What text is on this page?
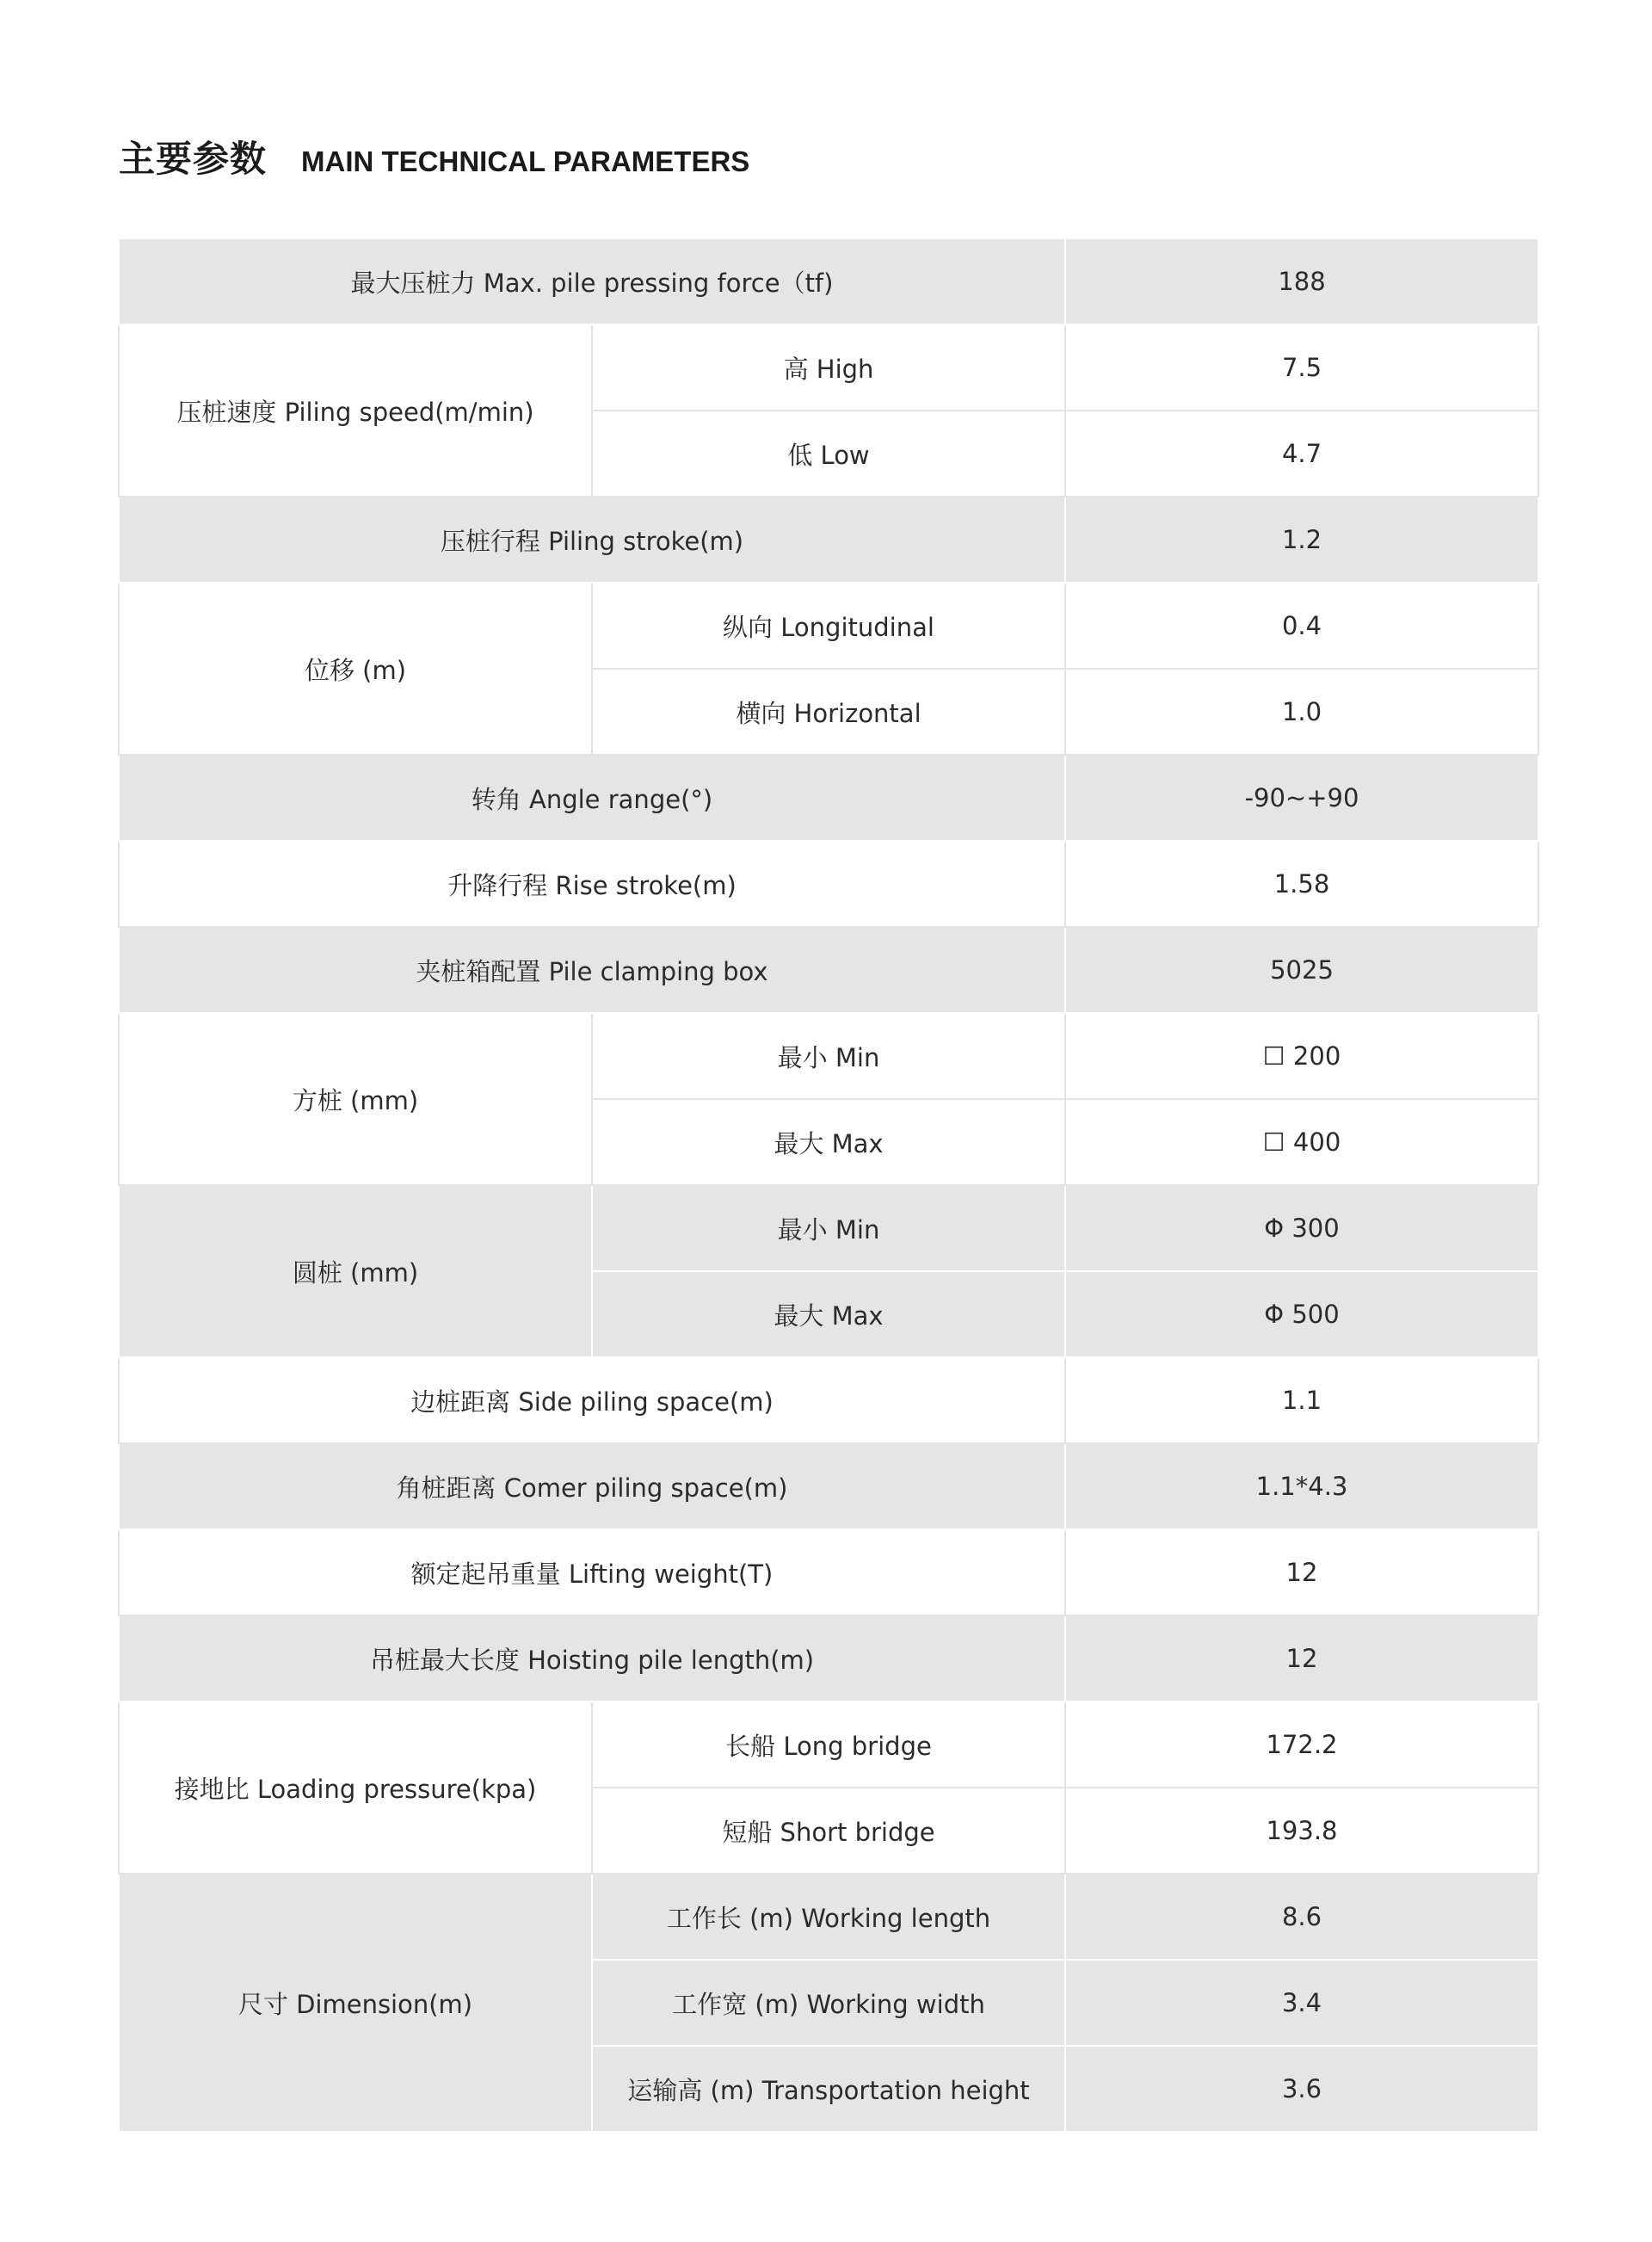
主要参数 MAIN TECHNICAL PARAMETERS
最大压桩力 Max. pile pressing force（tf)		188
压桩速度 Piling speed(m/min)	高 High	7.5
	低 Low	4.7
压桩行程 Piling stroke(m)		1.2
位移 (m)	纵向 Longitudinal	0.4
	横向 Horizontal	1.0
转角 Angle range(°)		-90~+90
升降行程 Rise stroke(m)		1.58
夹桩箱配置 Pile clamping box		5025
方桩 (mm)	最小 Min	☐ 200
	最大 Max	☐ 400
圆桩 (mm)	最小 Min	Φ 300
	最大 Max	Φ 500
边桩距离 Side piling space(m)		1.1
角桩距离 Comer piling space(m)		1.1*4.3
额定起吊重量 Lifting weight(T)		12
吊桩最大长度 Hoisting pile length(m)		12
接地比 Loading pressure(kpa)	长船 Long bridge	172.2
	短船 Short bridge	193.8
尺寸 Dimension(m)	工作长 (m) Working length	8.6
	工作宽 (m) Working width	3.4
	运输高 (m) Transportation height	3.6
